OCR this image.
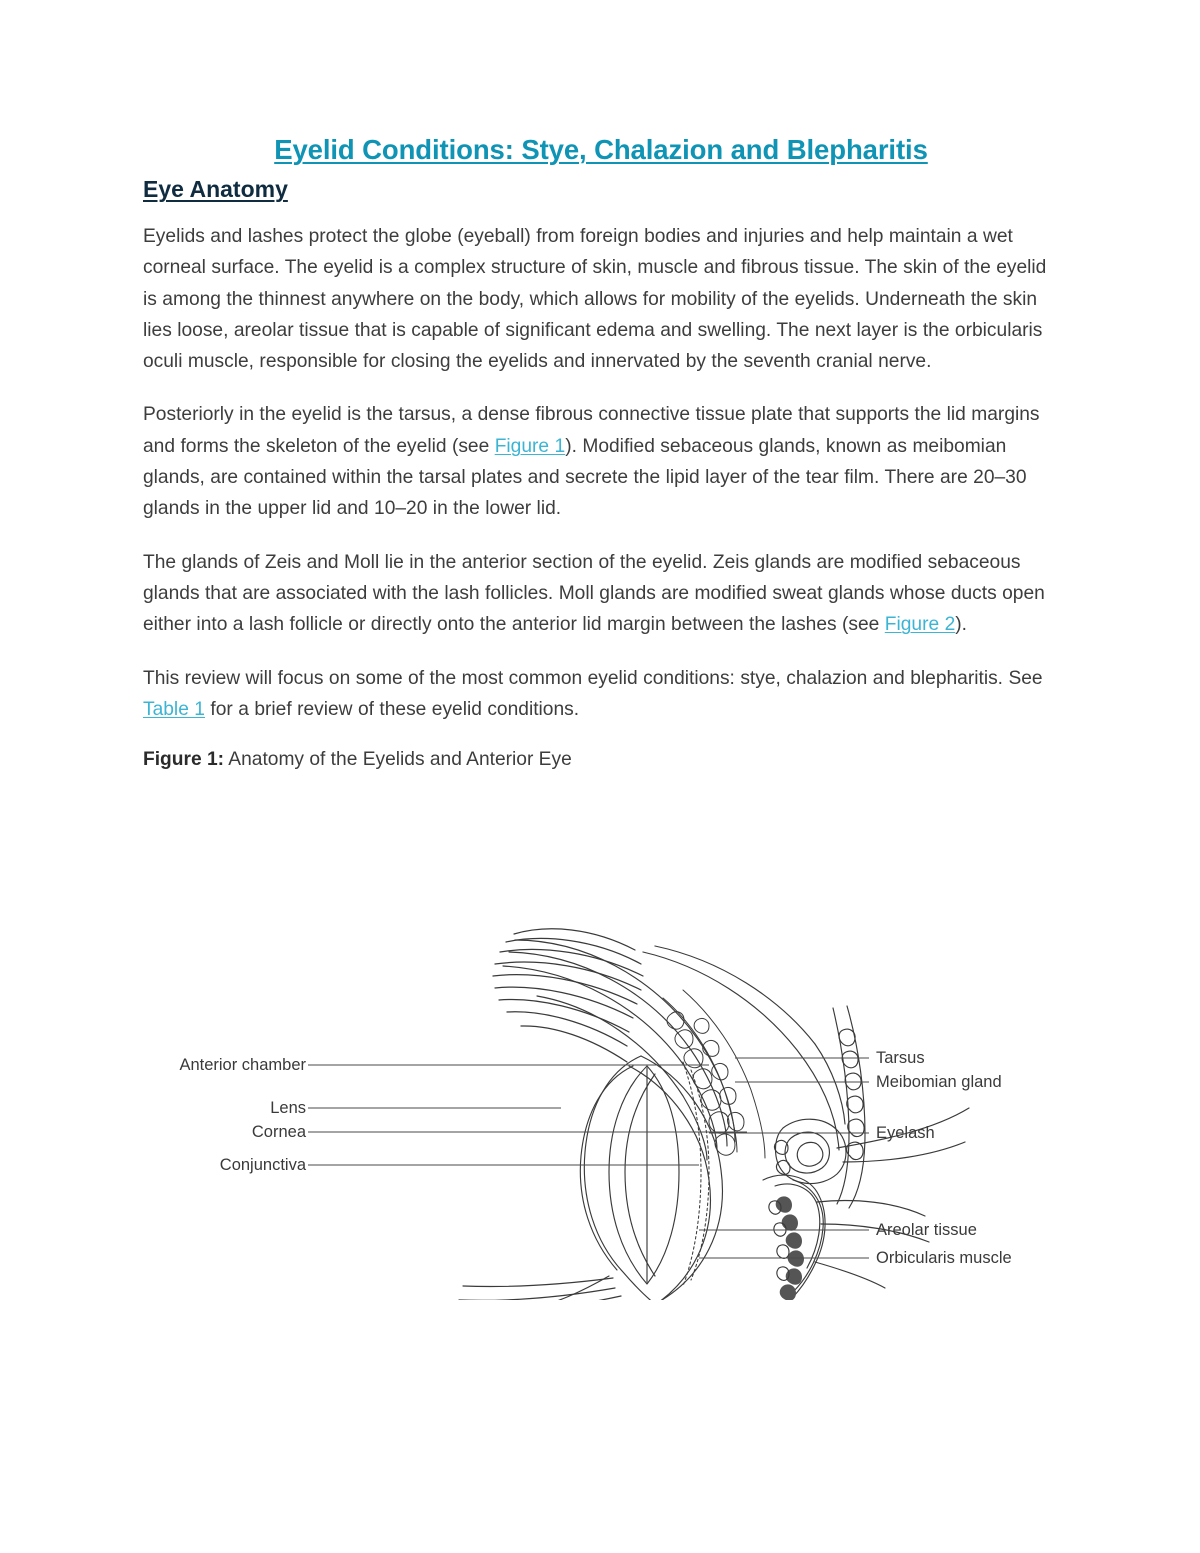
Eyelid Conditions: Stye, Chalazion and Blepharitis
Eye Anatomy

Eyelids and lashes protect the globe (eyeball) from foreign bodies and injuries and help maintain a wet corneal surface. The eyelid is a complex structure of skin, muscle and fibrous tissue. The skin of the eyelid is among the thinnest anywhere on the body, which allows for mobility of the eyelids. Underneath the skin lies loose, areolar tissue that is capable of significant edema and swelling. The next layer is the orbicularis oculi muscle, responsible for closing the eyelids and innervated by the seventh cranial nerve.

Posteriorly in the eyelid is the tarsus, a dense fibrous connective tissue plate that supports the lid margins and forms the skeleton of the eyelid (see Figure 1). Modified sebaceous glands, known as meibomian glands, are contained within the tarsal plates and secrete the lipid layer of the tear film. There are 20–30 glands in the upper lid and 10–20 in the lower lid.

The glands of Zeis and Moll lie in the anterior section of the eyelid. Zeis glands are modified sebaceous glands that are associated with the lash follicles. Moll glands are modified sweat glands whose ducts open either into a lash follicle or directly onto the anterior lid margin between the lashes (see Figure 2).

This review will focus on some of the most common eyelid conditions: stye, chalazion and blepharitis. See Table 1 for a brief review of these eyelid conditions.

Figure 1: Anatomy of the Eyelids and Anterior Eye

Anterior chamber
Lens
Cornea
Conjunctiva
Tarsus
Meibomian gland
Eyelash
Areolar tissue
Orbicularis muscle
